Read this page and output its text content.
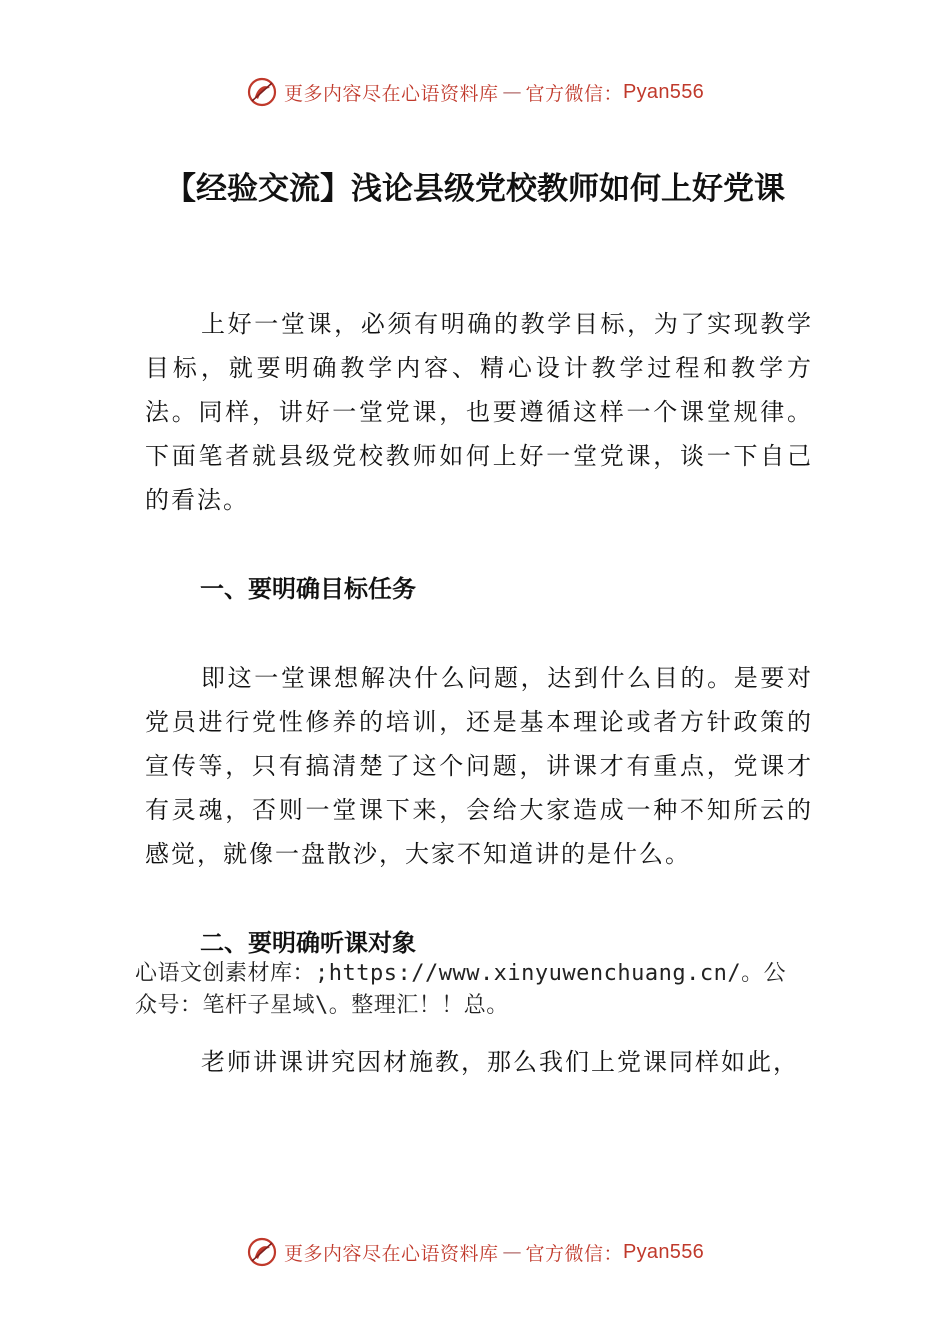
更多内容尽在心语资料库 — 官方微信： Pyan556
【经验交流】浅论县级党校教师如何上好党课
上好一堂课，必须有明确的教学目标，为了实现教学目标，就要明确教学内容、精心设计教学过程和教学方法。同样，讲好一堂党课，也要遵循这样一个课堂规律。下面笔者就县级党校教师如何上好一堂党课，谈一下自己的看法。
一、要明确目标任务
即这一堂课想解决什么问题，达到什么目的。是要对党员进行党性修养的培训，还是基本理论或者方针政策的宣传等，只有搞清楚了这个问题，讲课才有重点，党课才有灵魂，否则一堂课下来，会给大家造成一种不知所云的感觉，就像一盘散沙，大家不知道讲的是什么。
二、要明确听课对象
心语文创素材库：;https://www.xinyuwenchuang.cn/。公
众号：笔杆子星域\。整理汇！！总。
老师讲课讲究因材施教，那么我们上党课同样如此，
更多内容尽在心语资料库 — 官方微信： Pyan556
